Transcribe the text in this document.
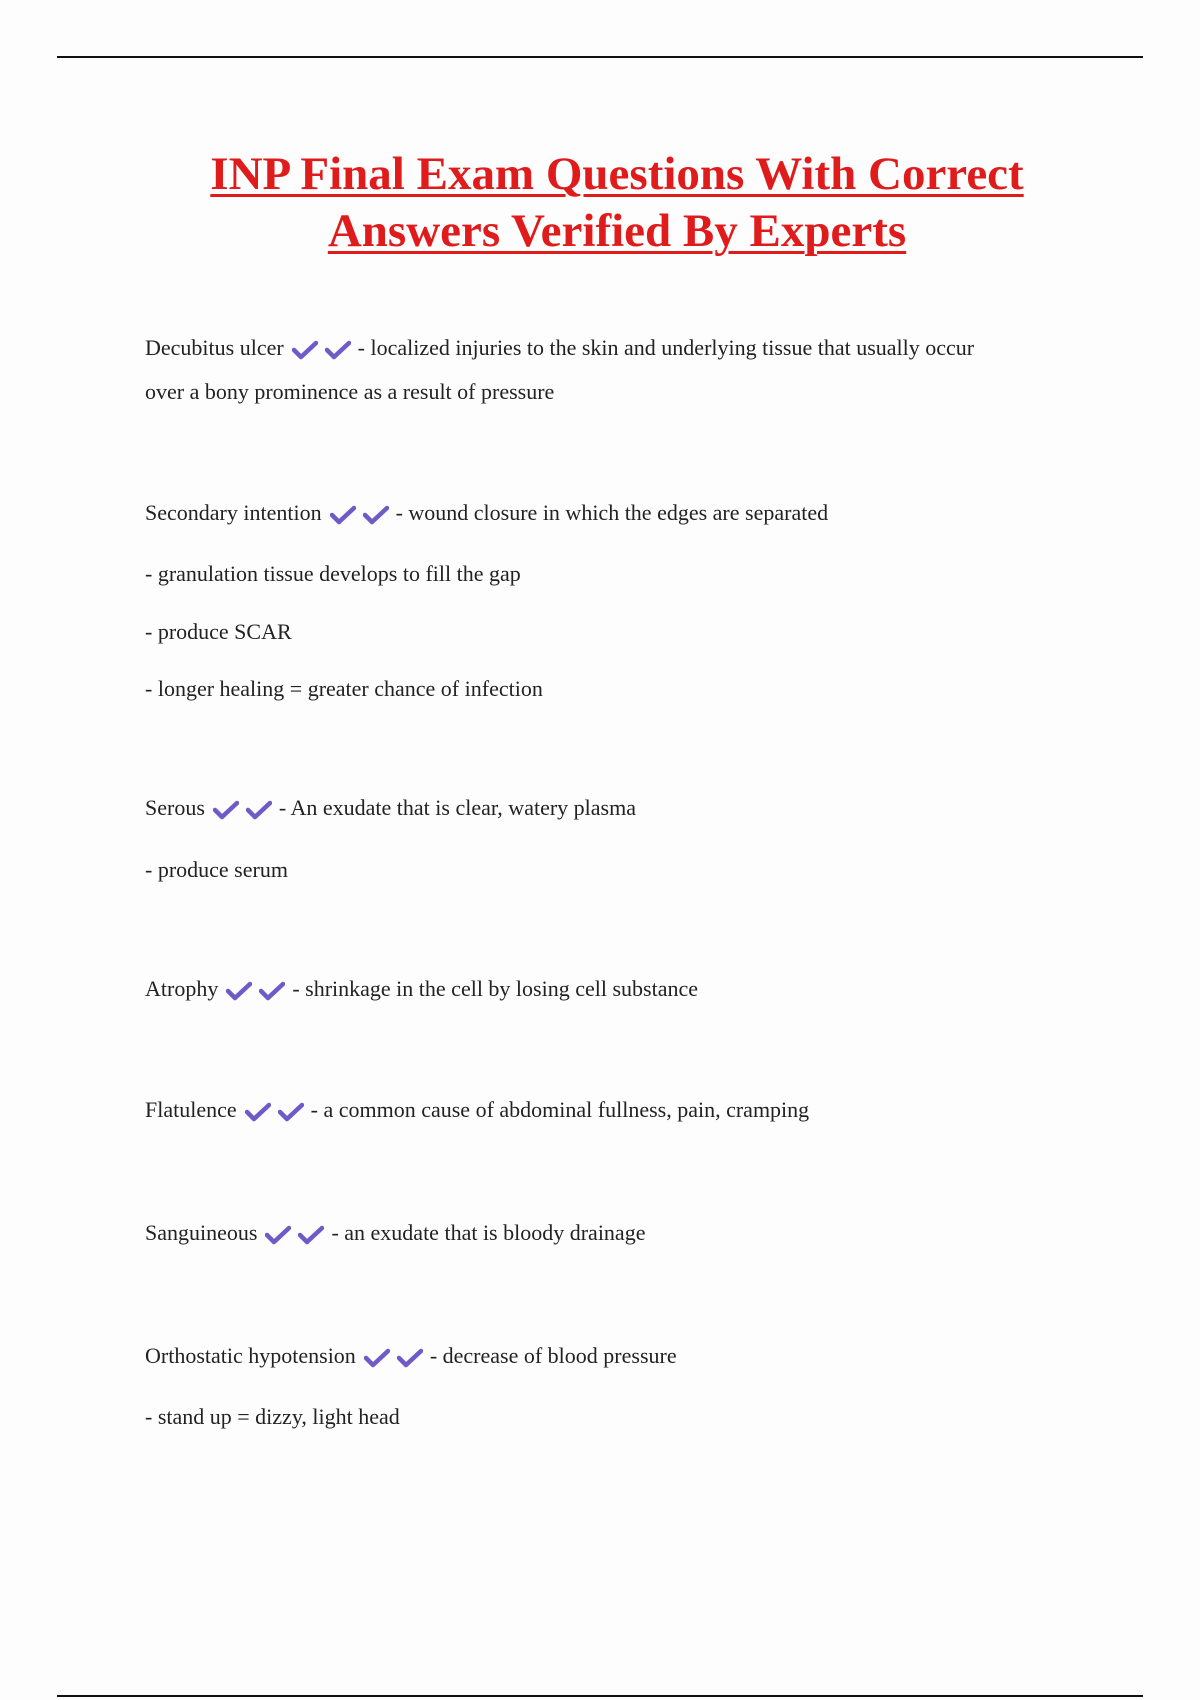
INP Final Exam Questions With Correct
Answers Verified By Experts
Decubitus ulcer	- localized injuries to the skin and underlying tissue that usually occur
over a bony prominence as a result of pressure
Secondary intention	- wound closure in which the edges are separated
- granulation tissue develops to fill the gap
- produce SCAR
- longer healing = greater chance of infection
Serous	- An exudate that is clear, watery plasma
- produce serum
Atrophy	- shrinkage in the cell by losing cell substance
Flatulence	- a common cause of abdominal fullness, pain, cramping
Sanguineous	- an exudate that is bloody drainage
Orthostatic hypotension	- decrease of blood pressure
- stand up = dizzy, light head
